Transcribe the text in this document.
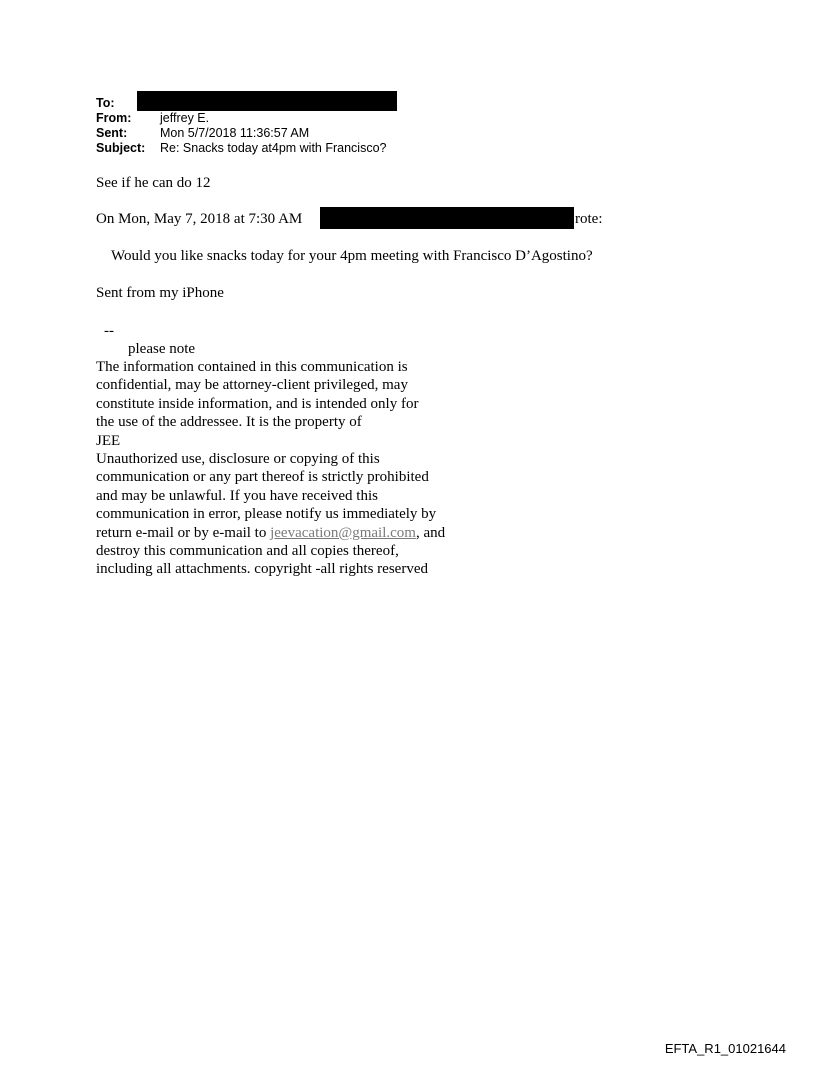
To:
From: jeffrey E.
Sent:	Mon 5/7/2018 11:36:57 AM
Subject: Re: Snacks today at4pm with Francisco?
See if he can do 12
On Mon, May 7, 2018 at 7:30 AM	rote:
Would you like snacks today for your 4pm meeting with Francisco D’Agostino?
Sent from my iPhone
--
please note
The information contained in this communication is
confidential, may be attorney-client privileged, may
constitute inside information, and is intended only for
the use of the addressee. It is the property of
JEE
Unauthorized use, disclosure or copying of this
communication or any part thereof is strictly prohibited
and may be unlawful. If you have received this
communication in error, please notify us immediately by
return e-mail or by e-mail to jeevacation@gmail.com, and
destroy this communication and all copies thereof,
including all attachments. copyright -all rights reserved
EFTA_R1_01021644
